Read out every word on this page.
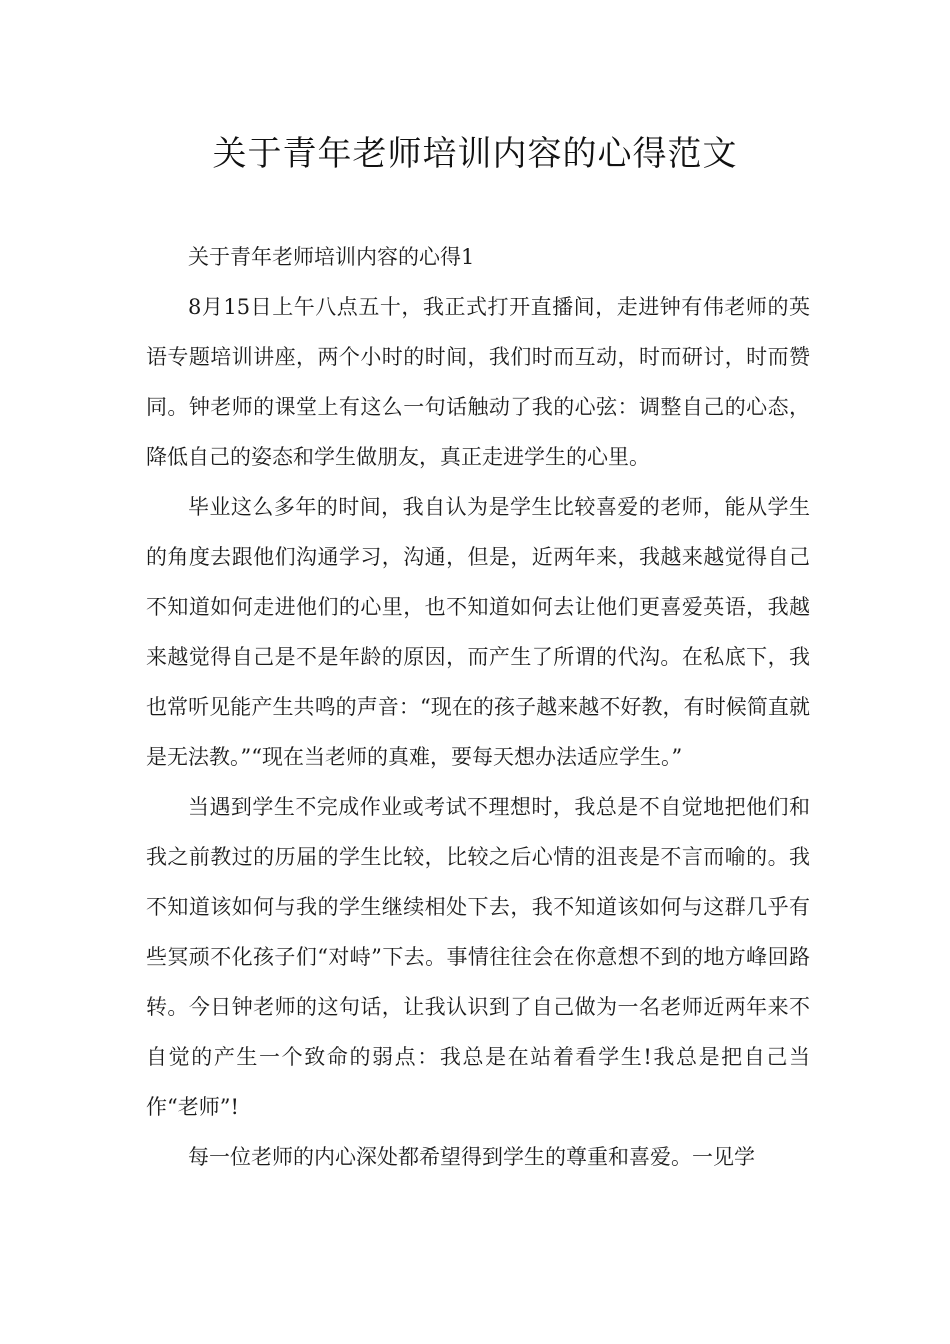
关于青年老师培训内容的心得范文

关于青年老师培训内容的心得1

8月15日上午八点五十，我正式打开直播间，走进钟有伟老师的英语专题培训讲座，两个小时的时间，我们时而互动，时而研讨，时而赞同。钟老师的课堂上有这么一句话触动了我的心弦：调整自己的心态，降低自己的姿态和学生做朋友，真正走进学生的心里。

毕业这么多年的时间，我自认为是学生比较喜爱的老师，能从学生的角度去跟他们沟通学习，沟通，但是，近两年来，我越来越觉得自己不知道如何走进他们的心里，也不知道如何去让他们更喜爱英语，我越来越觉得自己是不是年龄的原因，而产生了所谓的代沟。在私底下，我也常听见能产生共鸣的声音：“现在的孩子越来越不好教，有时候简直就是无法教。”“现在当老师的真难，要每天想办法适应学生。”

当遇到学生不完成作业或考试不理想时，我总是不自觉地把他们和我之前教过的历届的学生比较，比较之后心情的沮丧是不言而喻的。我不知道该如何与我的学生继续相处下去，我不知道该如何与这群几乎有些冥顽不化孩子们“对峙”下去。事情往往会在你意想不到的地方峰回路转。今日钟老师的这句话，让我认识到了自己做为一名老师近两年来不自觉的产生一个致命的弱点：我总是在站着看学生!我总是把自己当作“老师”!

每一位老师的内心深处都希望得到学生的尊重和喜爱。一见学
